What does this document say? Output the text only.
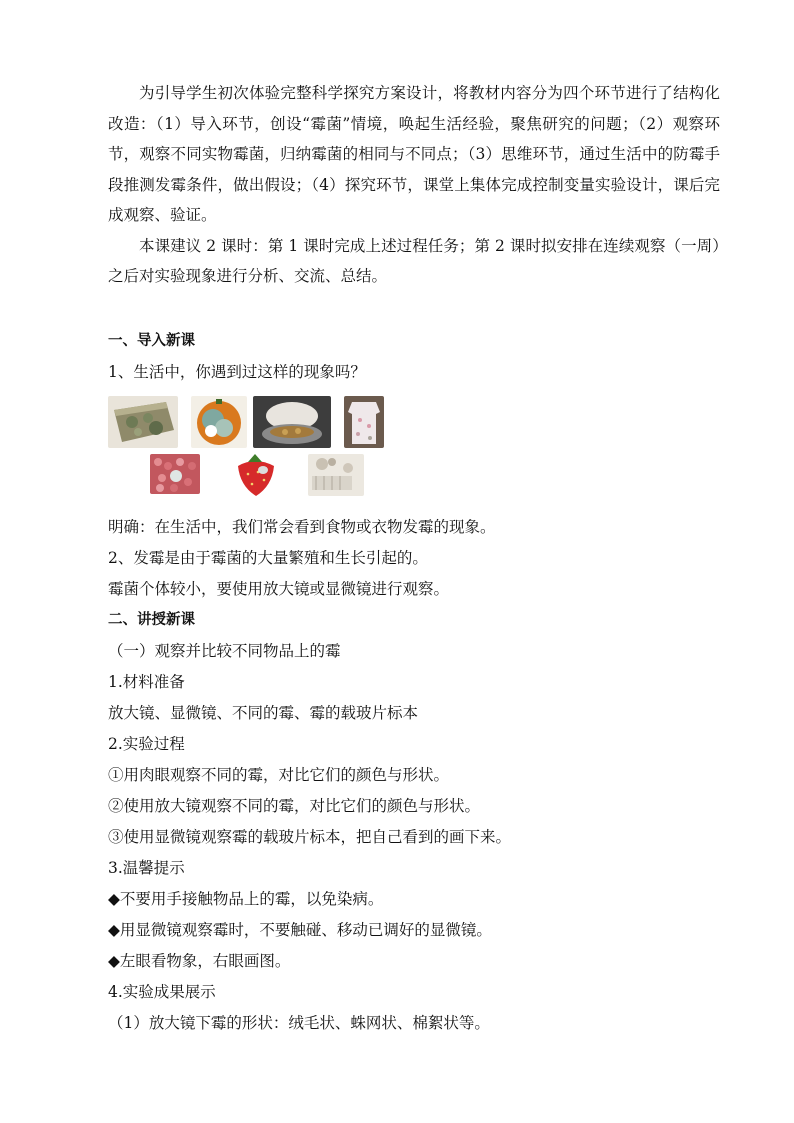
为引导学生初次体验完整科学探究方案设计，将教材内容分为四个环节进行了结构化改造：（1）导入环节，创设“霉菌”情境，唤起生活经验，聚焦研究的问题；（2）观察环节，观察不同实物霉菌，归纳霉菌的相同与不同点；（3）思维环节，通过生活中的防霉手段推测发霉条件，做出假设；（4）探究环节，课堂上集体完成控制变量实验设计，课后完成观察、验证。

本课建议 2 课时：第 1 课时完成上述过程任务；第 2 课时拟安排在连续观察（一周）之后对实验现象进行分析、交流、总结。

一、导入新课

1、生活中，你遇到过这样的现象吗？

明确：在生活中，我们常会看到食物或衣物发霉的现象。

2、发霉是由于霉菌的大量繁殖和生长引起的。

霉菌个体较小，要使用放大镜或显微镜进行观察。

二、讲授新课

（一）观察并比较不同物品上的霉

1.材料准备

放大镜、显微镜、不同的霉、霉的载玻片标本

2.实验过程

①用肉眼观察不同的霉，对比它们的颜色与形状。

②使用放大镜观察不同的霉，对比它们的颜色与形状。

③使用显微镜观察霉的载玻片标本，把自己看到的画下来。

3.温馨提示

◆不要用手接触物品上的霉，以免染病。

◆用显微镜观察霉时，不要触碰、移动已调好的显微镜。

◆左眼看物象，右眼画图。

4.实验成果展示

（1）放大镜下霉的形状：绒毛状、蛛网状、棉絮状等。
